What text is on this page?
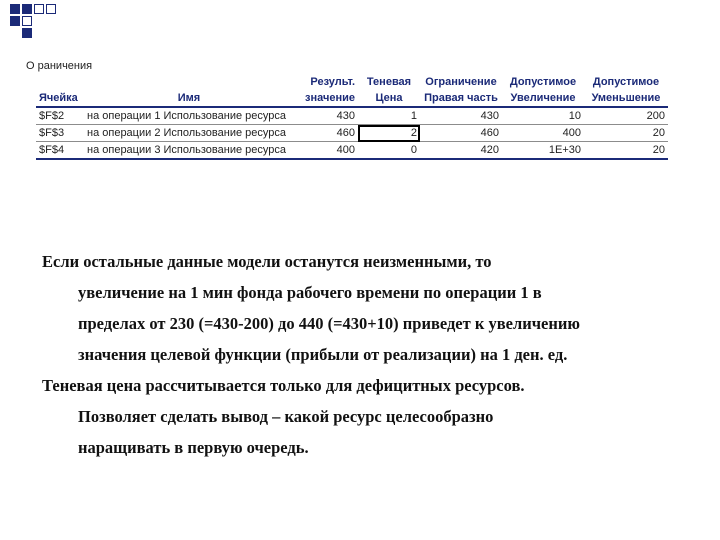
О раничения
		Результ.	Теневая	Ограничение	Допустимое	Допустимое
Ячейка	Имя	значение	Цена	Правая часть	Увеличение	Уменьшение
$F$2	на операции 1 Использование ресурса	430	1	430	10	200
$F$3	на операции 2 Использование ресурса	460	2	460	400	20
$F$4	на операции 3 Использование ресурса	400	0	420	1E+30	20

Если остальные данные модели останутся неизменными, то

увеличение на 1 мин фонда рабочего времени по операции 1 в

пределах от 230 (=430-200) до 440 (=430+10) приведет к увеличению

значения целевой функции (прибыли от реализации) на 1 ден. ед.

Теневая цена рассчитывается только для дефицитных ресурсов.

Позволяет сделать вывод – какой ресурс целесообразно

наращивать в первую очередь.
